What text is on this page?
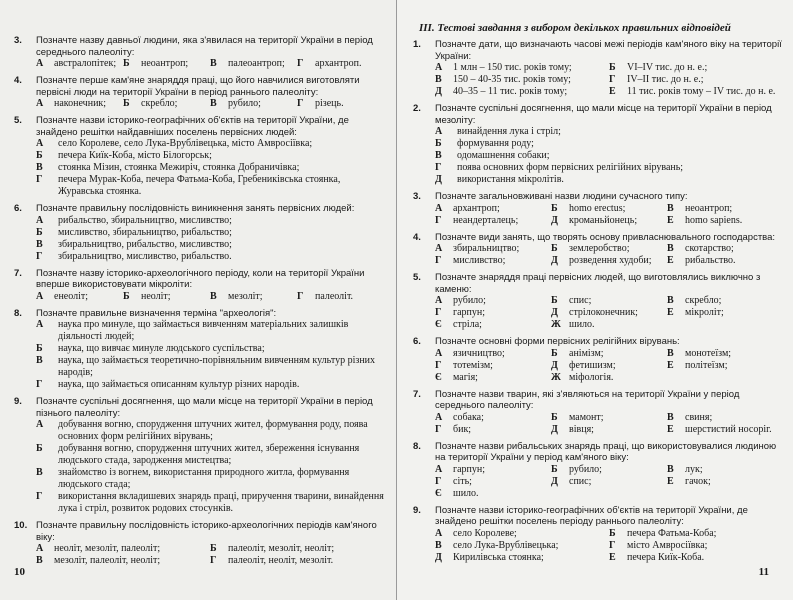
3.	Позначте назву давньої людини, яка з'явилася на території України в період середнього палеоліту:
А	австралопітек; Б	неоантроп;	В	палеоантроп;	Г	архантроп.
4.	Позначте перше кам'яне знаряддя праці, що його навчилися виготовляти первісні люди на території України в період раннього палеоліту:
А	наконечник;	Б	скребло;	В	рубило;	Г	різець.
5.	Позначте назви історико-географічних об'єктів на території України, де знайдено решітки найдавніших поселень первісних людей:
А	село Королеве, село Лука-Врублівецька, місто Амвросіївка;
Б	печера Киїк-Коба, місто Білогорськ;
В	стоянка Мізин, стоянка Межиріч, стоянка Добраничівка;
Г	печера Мурак-Коба, печера Фатьма-Коба, Гребениківська стоянка, Журавська стоянка.
6.	Позначте правильну послідовність виникнення занять первісних людей:
А	рибальство, збиральництво, мисливство;
Б	мисливство, збиральництво, рибальство;
В	збиральництво, рибальство, мисливство;
Г	збиральництво, мисливство, рибальство.
7.	Позначте назву історико-археологічного періоду, коли на території України вперше використовувати мікроліти:
А	енеоліт;	Б	неоліт;	В	мезоліт;	Г	палеоліт.
8.	Позначте правильне визначення терміна "археологія":
А	наука про минуле, що займається вивченням матеріальних залишків діяльності людей;
Б	наука, що вивчає минуле людського суспільства;
В	наука, що займається теоретично-порівняльним вивченням культур різних народів;
Г	наука, що займається описанням культур різних народів.
9.	Позначте суспільні досягнення, що мали місце на території України в період пізнього палеоліту:
А	добування вогню, спорудження штучних жител, формування роду, поява основних форм релігійних вірувань;
Б	добування вогню, спорудження штучних жител, збереження існування людського стада, зародження мистецтва;
В	знайомство із вогнем, використання природного житла, формування людського стада;
Г	використання вкладишевих знарядь праці, приручення тварини, винайдення лука і стріл, розвиток родових стосунків.
10. Позначте правильну послідовність історико-археологічних періодів кам'яного віку:
А	неоліт, мезоліт, палеоліт;	Б	палеоліт, мезоліт, неоліт;
В	мезоліт, палеоліт, неоліт;	Г	палеоліт, неоліт, мезоліт.
10
III. Тестові завдання з вибором декількох правильних відповідей
1.	Позначте дати, що визначають часові межі періодів кам'яного віку на території України:
А	1 млн – 150 тис. років тому;	Б	VI–IV тис. до н. е.;
В	150 – 40-35 тис. років тому;	Г	IV–II тис. до н. е.;
Д	40–35 – 11 тис. років тому;	Е	11 тис. років тому – IV тис. до н. е.
2.	Позначте суспільні досягнення, що мали місце на території України в період мезоліту:
А	винайдення лука і стріл;
Б	формування роду;
В	одомашнення собаки;
Г	поява основних форм первісних релігійних вірувань;
Д	використання мікролітів.
3.	Позначте загальновживані назви людини сучасного типу:
А	архантроп;	Б	homo erectus;	В	неоантроп;
Г	неандерталець;	Д	кроманьйонець;	Е	homo sapiens.
4.	Позначте види занять, що творять основу привласнювального господарства:
А	збиральництво;	Б	землеробство;	В	скотарство;
Г	мисливство;	Д	розведення худоби;	Е	рибальство.
5.	Позначте знаряддя праці первісних людей, що виготовлялись виключно з каменю:
А	рубило;	Б	спис;	В	скребло;
Г	гарпун;	Д	стрілоконечник;	Е	мікроліт;
Є	стріла;	Ж шило.
6.	Позначте основні форми первісних релігійних вірувань:
А	язичництво;	Б	анімізм;	В	монотеїзм;
Г	тотемізм;	Д	фетишизм;	Е	політеїзм;
Є	магія;	Ж міфологія.
7.	Позначте назви тварин, які з'являються на території України у період середнього палеоліту:
А	собака;	Б	мамонт;	В	свиня;
Г	бик;	Д	вівця;	Е	шерстистий носоріг.
8.	Позначте назви рибальських знарядь праці, що використовувалися людиною на території України у період кам'яного віку:
А	гарпун;	Б	рубило;	В	лук;
Г	сіть;	Д	спис;	Е	гачок;
Є	шило.
9.	Позначте назви історико-географічних об'єктів на території України, де знайдено решітки поселень періоду раннього палеоліту:
А	село Королеве;	Б	печера Фатьма-Коба;
В	село Лука-Врублівецька;	Г	місто Амвросіївка;
Д	Кирилівська стоянка;	Е	печера Киїк-Коба.
11
